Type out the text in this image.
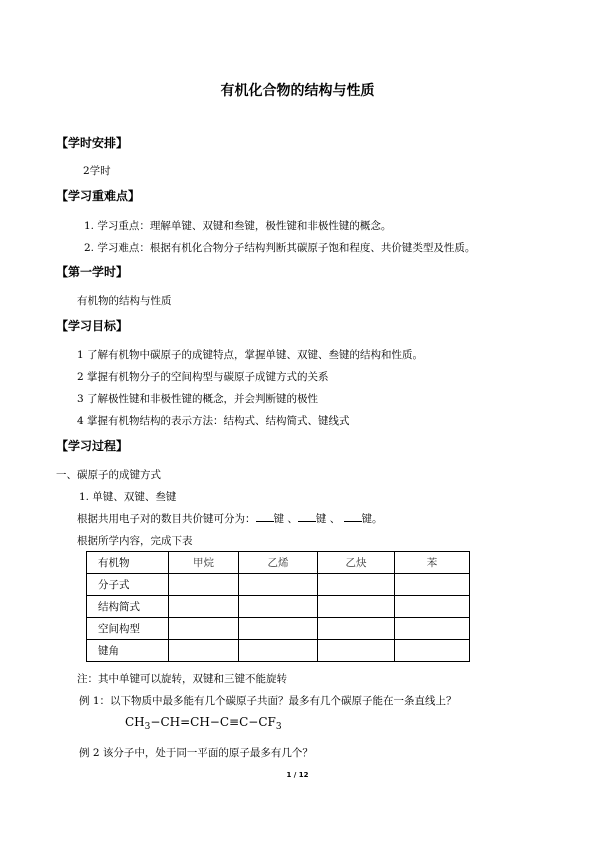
有机化合物的结构与性质
【学时安排】
2学时
【学习重难点】
1. 学习重点：理解单键、双键和叁键，极性键和非极性键的概念。
2. 学习难点：根据有机化合物分子结构判断其碳原子饱和程度、共价键类型及性质。
【第一学时】
有机物的结构与性质
【学习目标】
1 了解有机物中碳原子的成键特点，掌握单键、双键、叁键的结构和性质。
2 掌握有机物分子的空间构型与碳原子成键方式的关系
3 了解极性键和非极性键的概念，并会判断键的极性
4 掌握有机物结构的表示方法：结构式、结构简式、键线式
【学习过程】
一、碳原子的成键方式
1. 单键、双键、叁键
根据共用电子对的数目共价键可分为： 键 、 键 、 键。
根据所学内容，完成下表
有机物	甲烷	乙烯	乙炔	苯
分子式				
结构简式				
空间构型				
键角				
注：其中单键可以旋转，双键和三键不能旋转
例 1：以下物质中最多能有几个碳原子共面？最多有几个碳原子能在一条直线上？
$CH_3-CH=CH-C\equiv C-CF_3$
例 2 该分子中，处于同一平面的原子最多有几个？
1 / 12
